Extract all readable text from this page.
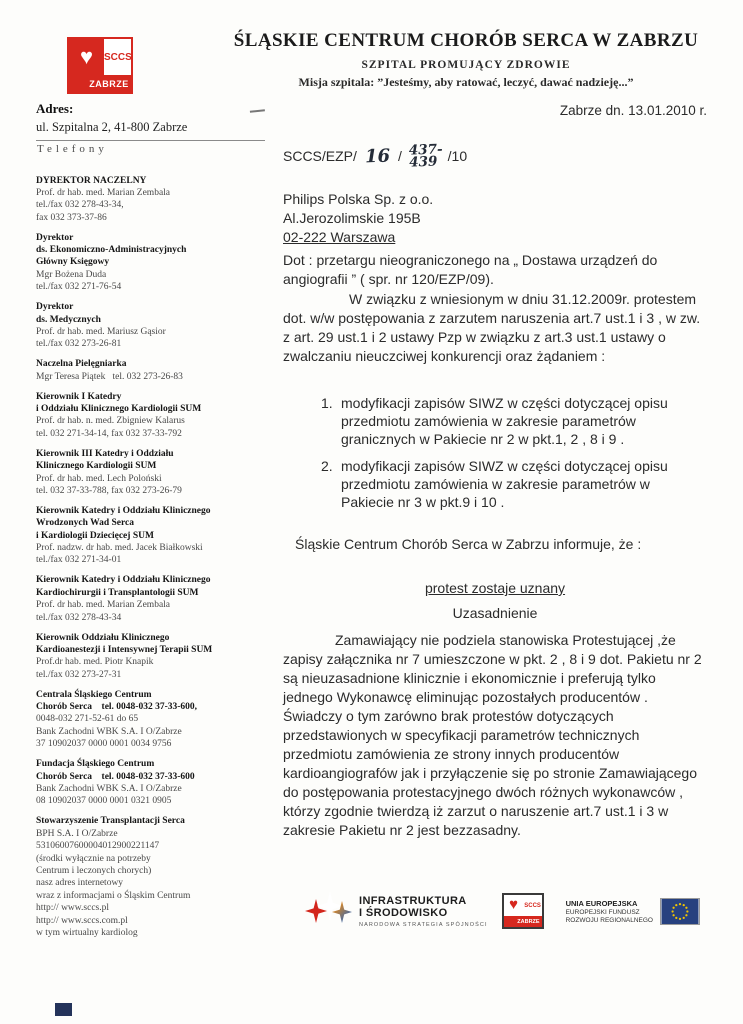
♥ SCCS
ZABRZE
ŚLĄSKIE CENTRUM CHORÓB SERCA W ZABRZU
SZPITAL PROMUJĄCY ZDROWIE
Misja szpitala: ”Jesteśmy, aby ratować, leczyć, dawać nadzieję...”
Adres:
ul. Szpitalna 2, 41-800 Zabrze
Telefony
DYREKTOR NACZELNY
Prof. dr hab. med. Marian Zembala
tel./fax 032 278-43-34,
fax 032 373-37-86
Dyrektor
ds. Ekonomiczno-Administracyjnych
Główny Księgowy
Mgr Bożena Duda
tel./fax 032 271-76-54
Dyrektor
ds. Medycznych
Prof. dr hab. med. Mariusz Gąsior
tel./fax 032 273-26-81
Naczelna Pielęgniarka
Mgr Teresa Piątek   tel. 032 273-26-83
Kierownik I Katedry
i Oddziału Klinicznego Kardiologii SUM
Prof. dr hab. n. med. Zbigniew Kalarus
tel. 032 271-34-14, fax 032 37-33-792
Kierownik III Katedry i Oddziału
Klinicznego Kardiologii SUM
Prof. dr hab. med. Lech Poloński
tel. 032 37-33-788, fax 032 273-26-79
Kierownik Katedry i Oddziału Klinicznego
Wrodzonych Wad Serca
i Kardiologii Dziecięcej SUM
Prof. nadzw. dr hab. med. Jacek Białkowski
tel./fax 032 271-34-01
Kierownik Katedry i Oddziału Klinicznego
Kardiochirurgii i Transplantologii SUM
Prof. dr hab. med. Marian Zembala
tel./fax 032 278-43-34
Kierownik Oddziału Klinicznego
Kardioanestezji i Intensywnej Terapii SUM
Prof.dr hab. med. Piotr Knapik
tel./fax 032 273-27-31
Centrala Śląskiego Centrum
Chorób Serca    tel. 0048-032 37-33-600,
0048-032 271-52-61 do 65
Bank Zachodni WBK S.A. I O/Zabrze
37 10902037 0000 0001 0034 9756
Fundacja Śląskiego Centrum
Chorób Serca    tel. 0048-032 37-33-600
Bank Zachodni WBK S.A. I O/Zabrze
08 10902037 0000 0001 0321 0905
Stowarzyszenie Transplantacji Serca
BPH S.A. I O/Zabrze
53106007600004012900221147
(środki wyłącznie na potrzeby
Centrum i leczonych chorych)
nasz adres internetowy
wraz z informacjami o Śląskim Centrum
http:// www.sccs.pl
http:// www.sccs.com.pl
w tym wirtualny kardiolog
Zabrze dn. 13.01.2010 r.
SCCS/EZP/ 16 / 437-
439 /10
Philips Polska Sp. z o.o.
Al.Jerozolimskie 195B
02-222 Warszawa
Dot : przetargu nieograniczonego na „ Dostawa urządzeń do angiografii ” ( spr. nr 120/EZP/09).
W związku z wniesionym w dniu 31.12.2009r. protestem dot. w/w postępowania z zarzutem naruszenia art.7 ust.1 i 3 , w zw. z art. 29 ust.1 i 2 ustawy Pzp w związku z art.3 ust.1 ustawy o zwalczaniu nieuczciwej konkurencji oraz żądaniem :
1. modyfikacji zapisów SIWZ w części dotyczącej opisu przedmiotu zamówienia w zakresie parametrów granicznych w Pakiecie nr 2 w pkt.1, 2 , 8 i 9 .
2. modyfikacji zapisów SIWZ w części dotyczącej opisu przedmiotu zamówienia w zakresie parametrów w Pakiecie nr 3 w pkt.9 i 10 .
Śląskie Centrum Chorób Serca w Zabrzu informuje, że :
protest zostaje uznany
Uzasadnienie
Zamawiający nie podziela stanowiska Protestującej ,że zapisy załącznika nr 7 umieszczone w pkt. 2 , 8 i 9 dot. Pakietu nr 2 są nieuzasadnione klinicznie i ekonomicznie i preferują tylko jednego Wykonawcę eliminując pozostałych producentów . Świadczy o tym zarówno brak protestów dotyczących przedstawionych w specyfikacji parametrów technicznych przedmiotu zamówienia ze strony innych producentów kardioangiografów jak i przyłączenie się po stronie Zamawiającego do postępowania protestacyjnego dwóch różnych wykonawców , którzy zgodnie twierdzą iż zarzut o naruszenie art.7 ust.1 i 3 w zakresie Pakietu nr 2 jest bezzasadny.
INFRASTRUKTURA
I ŚRODOWISKO
NARODOWA STRATEGIA SPÓJNOŚCI
♥ SCCS
ZABRZE
UNIA EUROPEJSKA
EUROPEJSKI FUNDUSZ
ROZWOJU REGIONALNEGO
